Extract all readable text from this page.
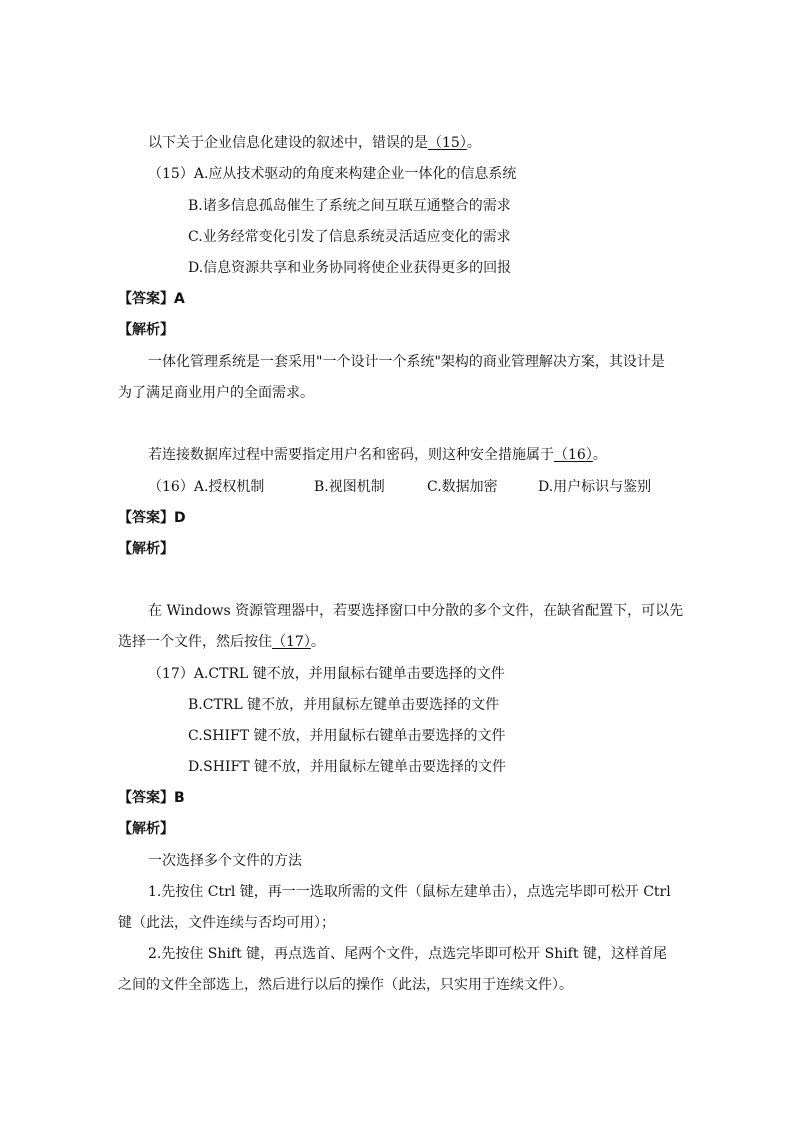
以下关于企业信息化建设的叙述中，错误的是（15）。
（15）A.应从技术驱动的角度来构建企业一体化的信息系统
B.诸多信息孤岛催生了系统之间互联互通整合的需求
C.业务经常变化引发了信息系统灵活适应变化的需求
D.信息资源共享和业务协同将使企业获得更多的回报
【答案】A
【解析】
一体化管理系统是一套采用"一个设计一个系统"架构的商业管理解决方案，其设计是
为了满足商业用户的全面需求。
若连接数据库过程中需要指定用户名和密码，则这种安全措施属于（16）。
（16）A.授权机制	B.视图机制	C.数据加密	D.用户标识与鉴别
【答案】D
【解析】
在 Windows 资源管理器中，若要选择窗口中分散的多个文件，在缺省配置下，可以先
选择一个文件，然后按住（17）。
（17）A.CTRL 键不放，并用鼠标右键单击要选择的文件
B.CTRL 键不放，并用鼠标左键单击要选择的文件
C.SHIFT 键不放，并用鼠标右键单击要选择的文件
D.SHIFT 键不放，并用鼠标左键单击要选择的文件
【答案】B
【解析】
一次选择多个文件的方法
1.先按住 Ctrl 键，再一一选取所需的文件（鼠标左建单击），点选完毕即可松开 Ctrl
键（此法，文件连续与否均可用）；
2.先按住 Shift 键，再点选首、尾两个文件，点选完毕即可松开 Shift 键，这样首尾
之间的文件全部选上，然后进行以后的操作（此法，只实用于连续文件）。
